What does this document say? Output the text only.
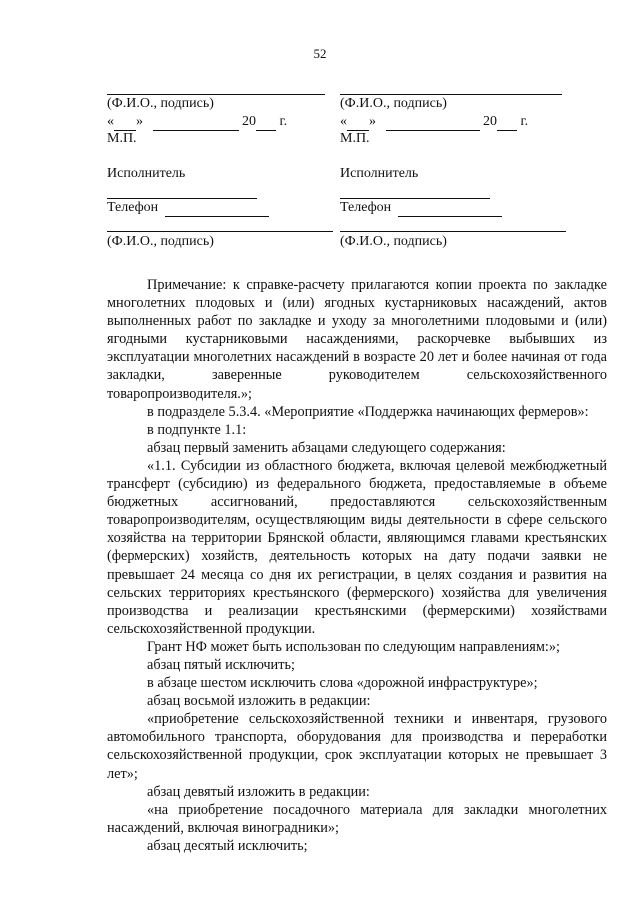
52
(Ф.И.О., подпись)
« »	20 г.
М.П.
Исполнитель
Телефон
(Ф.И.О., подпись)
(Ф.И.О., подпись)
« »	20 г.
М.П.
Исполнитель
Телефон
(Ф.И.О., подпись)

Примечание: к справке-расчету прилагаются копии проекта по закладке многолетних плодовых и (или) ягодных кустарниковых насаждений, актов выполненных работ по закладке и уходу за многолетними плодовыми и (или) ягодными кустарниковыми насаждениями, раскорчевке выбывших из эксплуатации многолетних насаждений в возрасте 20 лет и более начиная от года закладки, заверенные руководителем сельскохозяйственного товаропроизводителя.»;

в подразделе 5.3.4. «Мероприятие «Поддержка начинающих фермеров»:

в подпункте 1.1:

абзац первый заменить абзацами следующего содержания:

«1.1. Субсидии из областного бюджета, включая целевой межбюджетный трансферт (субсидию) из федерального бюджета, предоставляемые в объеме бюджетных ассигнований, предоставляются сельскохозяйственным товаропроизводителям, осуществляющим виды деятельности в сфере сельского хозяйства на территории Брянской области, являющимся главами крестьянских (фермерских) хозяйств, деятельность которых на дату подачи заявки не превышает 24 месяца со дня их регистрации, в целях создания и развития на сельских территориях крестьянского (фермерского) хозяйства для увеличения производства и реализации крестьянскими (фермерскими) хозяйствами сельскохозяйственной продукции.

Грант НФ может быть использован по следующим направлениям:»;

абзац пятый исключить;

в абзаце шестом исключить слова «дорожной инфраструктуре»;

абзац восьмой изложить в редакции:

«приобретение сельскохозяйственной техники и инвентаря, грузового автомобильного транспорта, оборудования для производства и переработки сельскохозяйственной продукции, срок эксплуатации которых не превышает 3 лет»;

абзац девятый изложить в редакции:

«на приобретение посадочного материала для закладки многолетних насаждений, включая виноградники»;

абзац десятый исключить;
